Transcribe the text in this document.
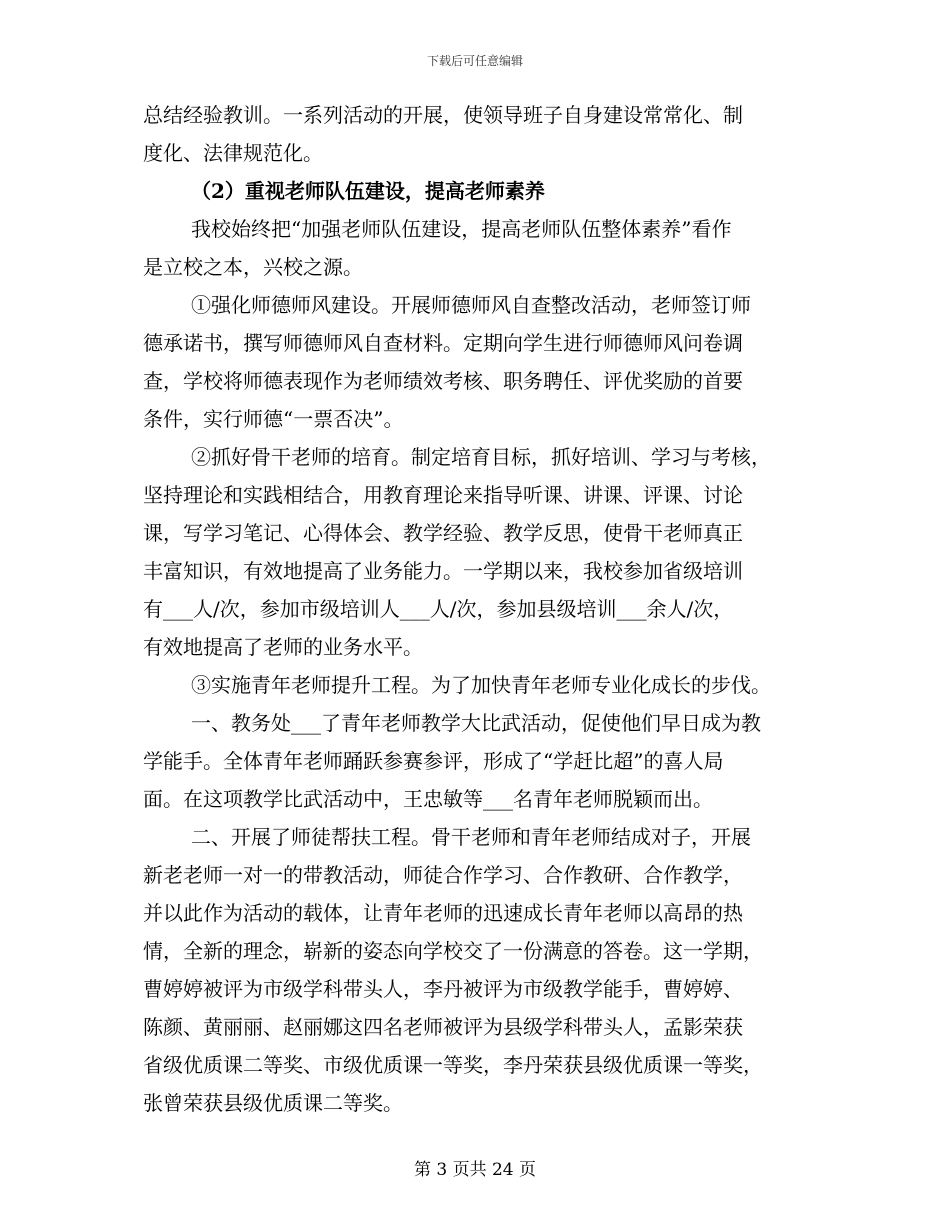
下载后可任意编辑
总结经验教训。一系列活动的开展，使领导班子自身建设常常化、制
度化、法律规范化。
（2）重视老师队伍建设，提高老师素养
我校始终把“加强老师队伍建设，提高老师队伍整体素养”看作
是立校之本，兴校之源。
①强化师德师风建设。开展师德师风自查整改活动，老师签订师
德承诺书，撰写师德师风自查材料。定期向学生进行师德师风问卷调
查，学校将师德表现作为老师绩效考核、职务聘任、评优奖励的首要
条件，实行师德“一票否决”。
②抓好骨干老师的培育。制定培育目标，抓好培训、学习与考核，
坚持理论和实践相结合，用教育理论来指导听课、讲课、评课、讨论
课，写学习笔记、心得体会、教学经验、教学反思，使骨干老师真正
丰富知识，有效地提高了业务能力。一学期以来，我校参加省级培训
有___人/次，参加市级培训人___人/次，参加县级培训___余人/次，
有效地提高了老师的业务水平。
③实施青年老师提升工程。为了加快青年老师专业化成长的步伐。
一、教务处___了青年老师教学大比武活动，促使他们早日成为教
学能手。全体青年老师踊跃参赛参评，形成了“学赶比超”的喜人局
面。在这项教学比武活动中，王忠敏等___名青年老师脱颖而出。
二、开展了师徒帮扶工程。骨干老师和青年老师结成对子，开展
新老老师一对一的带教活动，师徒合作学习、合作教研、合作教学，
并以此作为活动的载体，让青年老师的迅速成长青年老师以高昂的热
情，全新的理念，崭新的姿态向学校交了一份满意的答卷。这一学期，
曹婷婷被评为市级学科带头人，李丹被评为市级教学能手，曹婷婷、
陈颜、黄丽丽、赵丽娜这四名老师被评为县级学科带头人，孟影荣获
省级优质课二等奖、市级优质课一等奖，李丹荣获县级优质课一等奖，
张曾荣获县级优质课二等奖。
第 3 页共 24 页
